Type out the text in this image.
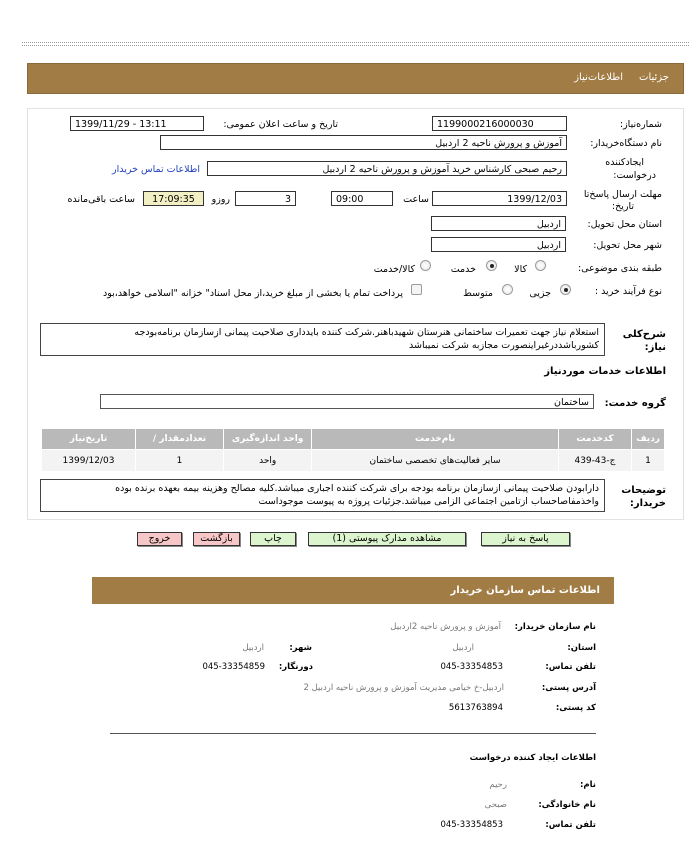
جزئیات
اطلاعات‌نیاز
شماره‌نیاز:
1199000216000030
تاریخ و ساعت اعلان عمومی:
1399/11/29 - 13:11
نام دستگاه‌خریدار:
آموزش و پرورش ناحیه 2 اردبیل
ایجادکننده
درخواست:
رحیم صبحی کارشناس خرید آموزش و پرورش ناحیه 2 اردبیل
اطلاعات تماس خریدار
مهلت ارسال پاسخ‌تا
تاریخ:
1399/12/03
ساعت
09:00
3
روزو
17:09:35
ساعت باقی‌مانده
استان محل تحویل:
اردبیل
شهر محل تحویل:
اردبیل
طبقه بندی موضوعی:
کالا
خدمت
کالا/خدمت
نوع فرآیند خرید :
جزیی
متوسط
پرداخت تمام یا بخشی از مبلغ خرید،از محل اسناد" خزانه "اسلامی خواهد،بود
شرح‌کلی
نیاز:
استعلام نیاز جهت تعمیرات ساختمانی هنرستان شهیدباهنر.شرکت کننده بایدداری صلاحیت پیمانی ازسازمان برنامه‌بودجه کشورباشددرغیراینصورت مجازبه شرکت نمیباشد
اطلاعات خدمات موردنیاز
گروه خدمت:
ساختمان
ردیف	کدخدمت	نام‌خدمت	واحد اندازه‌گیری	تعدادمقدار /	تاریخ‌نیاز
1	ج-43-439	سایر فعالیت‌های تخصصی ساختمان	واحد	1	1399/12/03
توضیحات
خریدار:
دارابودن صلاحیت پیمانی ازسازمان برنامه بودجه برای شرکت کننده اجباری میباشد.کلیه مصالح وهزینه بیمه بعهده برنده بوده واخذمفاصاحساب ازتامین اجتماعی الزامی میباشد.جزئیات پروژه به پیوست موجوداست
پاسخ به نیاز
مشاهده مدارک پیوستی (1)
چاپ
بازگشت
خروج
اطلاعات تماس سازمان خریدار
نام سازمان خریدار:
آموزش و پرورش ناحیه 2اردبیل
استان:
اردبیل
شهر:
اردبیل
تلفن تماس:
045-33354853
دورنگار:
045-33354859
آدرس پستی:
اردبیل-خ خیامی مدیریت آموزش و پرورش ناحیه اردبیل 2
کد پستی:
5613763894
اطلاعات ایجاد کننده درخواست
نام:
رحیم
نام خانوادگی:
صبحی
تلفن تماس:
045-33354853
